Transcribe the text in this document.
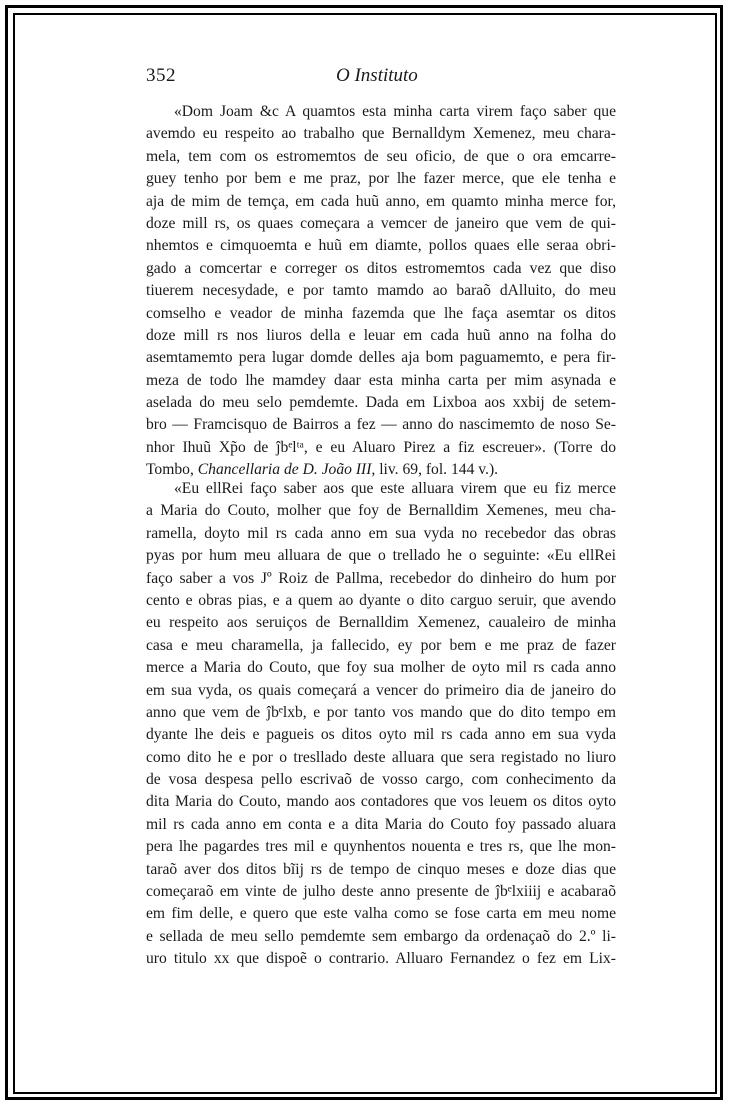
352	O Instituto
«Dom Joam &c A quamtos esta minha carta virem faço saber que
avemdo eu respeito ao trabalho que Bernalldym Xemenez, meu chara-
mela, tem com os estromemtos de seu oficio, de que o ora emcarre-
guey tenho por bem e me praz, por lhe fazer merce, que ele tenha e
aja de mim de temça, em cada huũ anno, em quamto minha merce for,
doze mill rs, os quaes começara a vemcer de janeiro que vem de qui-
nhemtos e cimquoemta e huũ em diamte, pollos quaes elle seraa obri-
gado a comcertar e correger os ditos estromemtos cada vez que diso
tiuerem necesydade, e por tamto mamdo ao baraõ dAlluito, do meu
comselho e veador de minha fazemda que lhe faça asemtar os ditos
doze mill rs nos liuros della e leuar em cada huũ anno na folha do
asemtamemto pera lugar domde delles aja bom paguamemto, e pera fir-
meza de todo lhe mamdey daar esta minha carta per mim asynada e
aselada do meu selo pemdemte. Dada em Lixboa aos xxbij de setem-
bro — Framcisquo de Bairros a fez — anno do nascimemto de noso Se-
nhor Ihuũ Xp̃o de ĵbᵉlᵗᵃ, e eu Aluaro Pirez a fiz escreuer». (Torre do
Tombo, Chancellaria de D. João III, liv. 69, fol. 144 v.).
«Eu ellRei faço saber aos que este alluara virem que eu fiz merce
a Maria do Couto, molher que foy de Bernalldim Xemenes, meu cha-
ramella, doyto mil rs cada anno em sua vyda no recebedor das obras
pyas por hum meu alluara de que o trellado he o seguinte: «Eu ellRei
faço saber a vos Jº Roiz de Pallma, recebedor do dinheiro do hum por
cento e obras pias, e a quem ao dyante o dito carguo seruir, que avendo
eu respeito aos seruiços de Bernalldim Xemenez, caualeiro de minha
casa e meu charamella, ja fallecido, ey por bem e me praz de fazer
merce a Maria do Couto, que foy sua molher de oyto mil rs cada anno
em sua vyda, os quais começará a vencer do primeiro dia de janeiro do
anno que vem de ĵbᵉlxb, e por tanto vos mando que do dito tempo em
dyante lhe deis e pagueis os ditos oyto mil rs cada anno em sua vyda
como dito he e por o tresllado deste alluara que sera registado no liuro
de vosa despesa pello escrivaõ de vosso cargo, com conhecimento da
dita Maria do Couto, mando aos contadores que vos leuem os ditos oyto
mil rs cada anno em conta e a dita Maria do Couto foy passado aluara
pera lhe pagardes tres mil e quynhentos nouenta e tres rs, que lhe mon-
taraõ aver dos ditos bĩij rs de tempo de cinquo meses e doze dias que
começaraõ em vinte de julho deste anno presente de ĵbᵉlxiiij e acabaraõ
em fim delle, e quero que este valha como se fose carta em meu nome
e sellada de meu sello pemdemte sem embargo da ordenaçaõ do 2.º li-
uro titulo xx que dispoẽ o contrario. Alluaro Fernandez o fez em Lix-
